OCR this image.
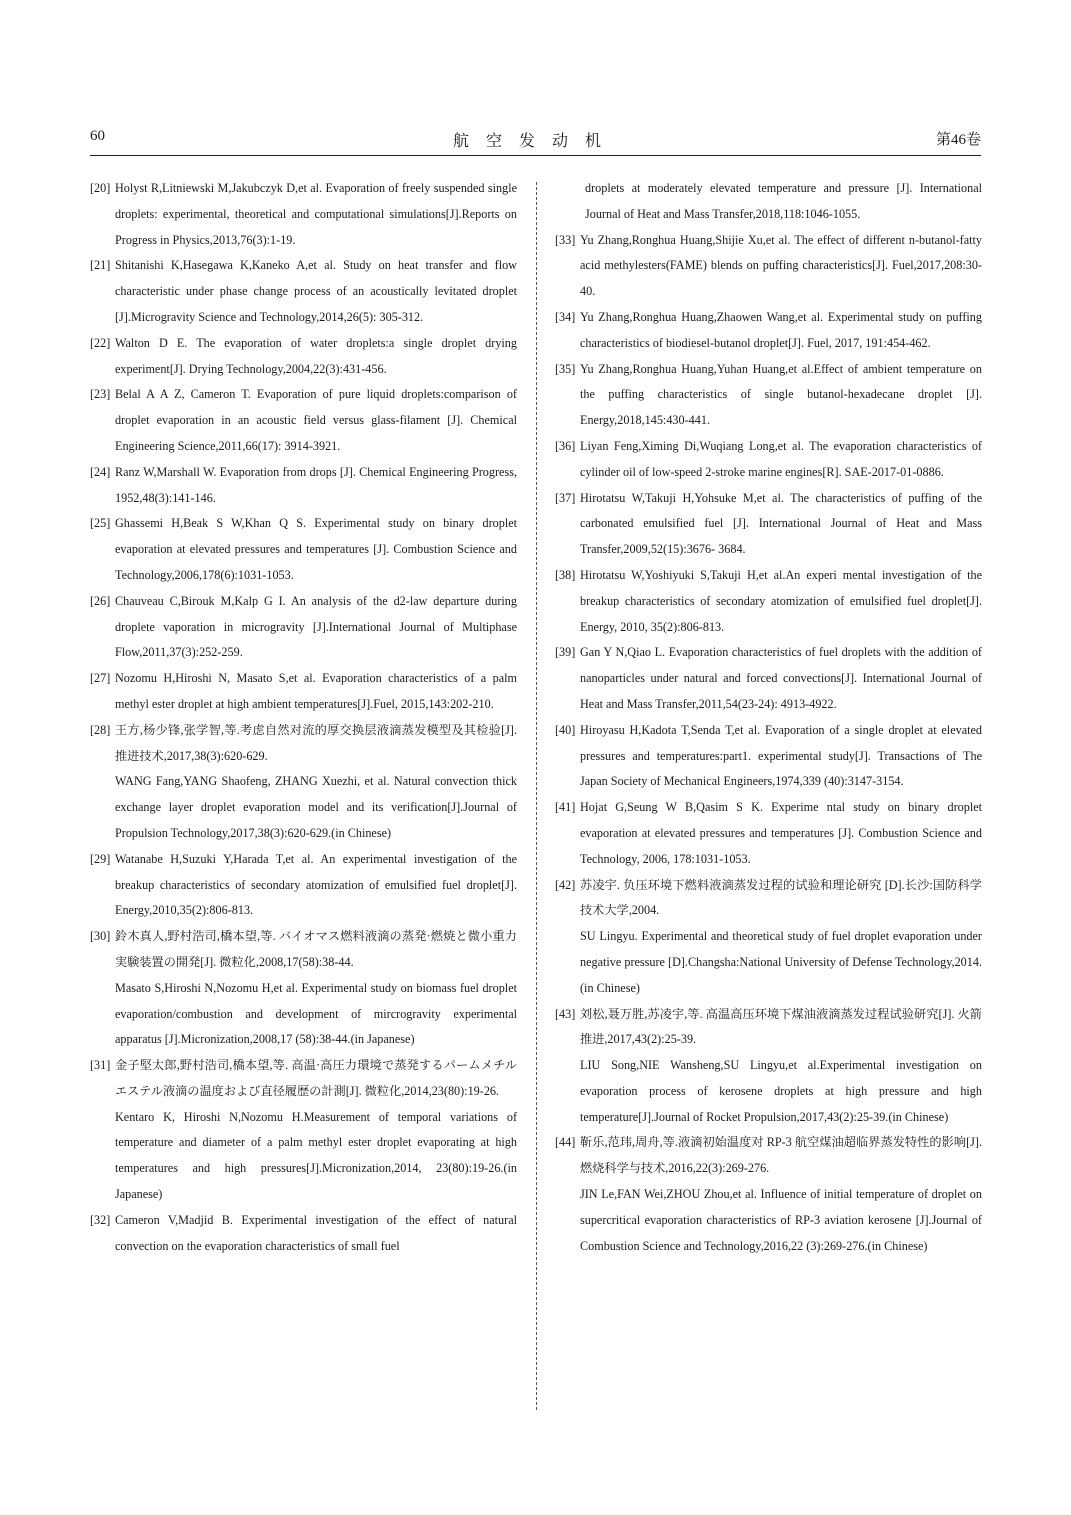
60	航空发动机	第46卷
[20] Holyst R,Litniewski M,Jakubczyk D,et al. Evaporation of freely suspended single droplets: experimental, theoretical and computational simulations[J].Reports on Progress in Physics,2013,76(3):1-19.
[21] Shitanishi K,Hasegawa K,Kaneko A,et al. Study on heat transfer and flow characteristic under phase change process of an acoustically levitated droplet [J].Microgravity Science and Technology,2014,26(5): 305-312.
[22] Walton D E. The evaporation of water droplets:a single droplet drying experiment[J]. Drying Technology,2004,22(3):431-456.
[23] Belal A A Z, Cameron T. Evaporation of pure liquid droplets:comparison of droplet evaporation in an acoustic field versus glass-filament [J]. Chemical Engineering Science,2011,66(17): 3914-3921.
[24] Ranz W,Marshall W. Evaporation from drops [J]. Chemical Engineering Progress, 1952,48(3):141-146.
[25] Ghassemi H,Beak S W,Khan Q S. Experimental study on binary droplet evaporation at elevated pressures and temperatures [J]. Combustion Science and Technology,2006,178(6):1031-1053.
[26] Chauveau C,Birouk M,Kalp G I. An analysis of the d2-law departure during droplete vaporation in microgravity [J].International Journal of Multiphase Flow,2011,37(3):252-259.
[27] Nozomu H,Hiroshi N, Masato S,et al. Evaporation characteristics of a palm methyl ester droplet at high ambient temperatures[J].Fuel, 2015,143:202-210.
[28] 王方,杨少锋,张学智,等.考虑自然对流的厚交换层液滴蒸发模型及其检验[J]. 推进技术,2017,38(3):620-629.
WANG Fang,YANG Shaofeng, ZHANG Xuezhi, et al. Natural convection thick exchange layer droplet evaporation model and its verification[J].Journal of Propulsion Technology,2017,38(3):620-629.(in Chinese)
[29] Watanabe H,Suzuki Y,Harada T,et al. An experimental investigation of the breakup characteristics of secondary atomization of emulsified fuel droplet[J]. Energy,2010,35(2):806-813.
[30] 鈴木真人,野村浩司,橋本望,等. バイオマス燃料液滴の蒸発·燃焼と微小重力実験装置の開発[J]. 微粒化,2008,17(58):38-44.
Masato S,Hiroshi N,Nozomu H,et al. Experimental study on biomass fuel droplet evaporation/combustion and development of mircrogravity experimental apparatus [J].Micronization,2008,17 (58):38-44.(in Japanese)
[31] 金子堅太郎,野村浩司,橋本望,等. 高温·高圧力環境で蒸発するパームメチルエステル液滴の温度および直径履歴の計測[J]. 微粒化,2014,23(80):19-26.
Kentaro K, Hiroshi N,Nozomu H.Measurement of temporal variations of temperature and diameter of a palm methyl ester droplet evaporating at high temperatures and high pressures[J].Micronization,2014, 23(80):19-26.(in Japanese)
[32] Cameron V,Madjid B. Experimental investigation of the effect of natural convection on the evaporation characteristics of small fuel
droplets at moderately elevated temperature and pressure [J]. International Journal of Heat and Mass Transfer,2018,118:1046-1055.
[33] Yu Zhang,Ronghua Huang,Shijie Xu,et al. The effect of different n-butanol-fatty acid methylesters(FAME) blends on puffing characteristics[J]. Fuel,2017,208:30-40.
[34] Yu Zhang,Ronghua Huang,Zhaowen Wang,et al. Experimental study on puffing characteristics of biodiesel-butanol droplet[J]. Fuel, 2017, 191:454-462.
[35] Yu Zhang,Ronghua Huang,Yuhan Huang,et al.Effect of ambient temperature on the puffing characteristics of single butanol-hexadecane droplet [J]. Energy,2018,145:430-441.
[36] Liyan Feng,Ximing Di,Wuqiang Long,et al. The evaporation characteristics of cylinder oil of low-speed 2-stroke marine engines[R]. SAE-2017-01-0886.
[37] Hirotatsu W,Takuji H,Yohsuke M,et al. The characteristics of puffing of the carbonated emulsified fuel [J]. International Journal of Heat and Mass Transfer,2009,52(15):3676- 3684.
[38] Hirotatsu W,Yoshiyuki S,Takuji H,et al.An experi mental investigation of the breakup characteristics of secondary atomization of emulsified fuel droplet[J]. Energy, 2010, 35(2):806-813.
[39] Gan Y N,Qiao L. Evaporation characteristics of fuel droplets with the addition of nanoparticles under natural and forced convections[J]. International Journal of Heat and Mass Transfer,2011,54(23-24): 4913-4922.
[40] Hiroyasu H,Kadota T,Senda T,et al. Evaporation of a single droplet at elevated pressures and temperatures:part1. experimental study[J]. Transactions of The Japan Society of Mechanical Engineers,1974,339 (40):3147-3154.
[41] Hojat G,Seung W B,Qasim S K. Experime ntal study on binary droplet evaporation at elevated pressures and temperatures [J]. Combustion Science and Technology, 2006, 178:1031-1053.
[42] 苏凌宇. 负压环境下燃料液滴蒸发过程的试验和理论研究 [D].长沙:国防科学技术大学,2004.
SU Lingyu. Experimental and theoretical study of fuel droplet evaporation under negative pressure [D].Changsha:National University of Defense Technology,2014.(in Chinese)
[43] 刘松,聂万胜,苏凌宇,等. 高温高压环境下煤油液滴蒸发过程试验研究[J]. 火箭推进,2017,43(2):25-39.
LIU Song,NIE Wansheng,SU Lingyu,et al.Experimental investigation on evaporation process of kerosene droplets at high pressure and high temperature[J].Journal of Rocket Propulsion,2017,43(2):25-39.(in Chinese)
[44] 靳乐,范玮,周舟,等.液滴初始温度对 RP-3 航空煤油超临界蒸发特性的影响[J].燃烧科学与技术,2016,22(3):269-276.
JIN Le,FAN Wei,ZHOU Zhou,et al. Influence of initial temperature of droplet on supercritical evaporation characteristics of RP-3 aviation kerosene [J].Journal of Combustion Science and Technology,2016,22 (3):269-276.(in Chinese)
